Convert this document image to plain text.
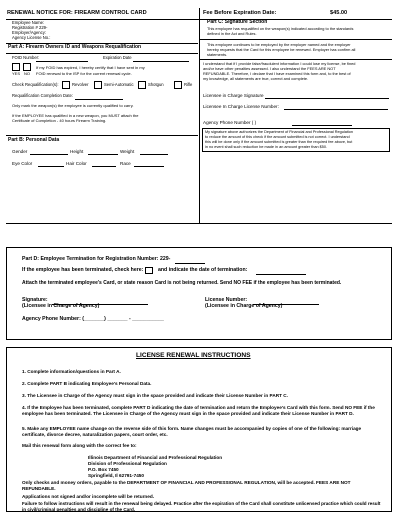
RENEWAL NOTICE FOR: FIREARM CONTROL CARD	Fee Before Expiration Date:	$45.00
Employee Name:
Registration # 229-
Employer/Agency:
Agency License No.:
Part A: Firearm Owners ID and Weapons Requalification
FOID Number:	Expiration Date
If my FOID has expired, I hereby certify that I have sent in my
YES NO FOID renewal to the ISP for the current renewal cycle.
Check Requalification(s):	Revolver	Semi-Automatic	Shotgun	Rifle
Requalification Completion Date:
Only mark the weapon(s) the employee is currently qualified to carry.
If the EMPLOYEE has qualified in a new weapon, you MUST attach the
Certificate of Completion - 40 hours Firearm Training.
Part B: Personal Data
Gender	Height	Weight
Eye Color	Hair Color	Race
Part C: Signature Section
This employee has requalified on the weapon(s) indicated according to the standards
defined in the Act and Rules.
This employee continues to be employed by the employer named and the employer
hereby requests that the Card for this employee be renewed. Employer has confirm all
statements.
I understand that if I provide false/fraudulent information I could lose my license, be fined
and/or have other penalties assessed. I also understand the FEES ARE NOT
REFUNDABLE. Therefore, I declare that I have examined this form and, to the best of
my knowledge, all statements are true, correct and complete.
Licensee in Charge Signature
Licensee In Charge License Number:
Agency Phone Number ( )
My signature above authorizes the Department of Financial and Professional Regulation
to reduce the amount of this check if the amount submitted is not correct. I understand
this will be done only if the amount submitted is greater than the required fee above, but
in no event shall such reduction be made in an amount greater than $50.
Part D: Employee Termination for Registration Number: 229-
If the employee has been terminated, check here:	and indicate the date of termination:
Attach the terminated employee's Card, or state reason Card is not being returned. Send NO FEE if the employee has been terminated.
Signature:
(Licensee in Charge of Agency)
License Number:
(Licensee in Charge of Agency)
Agency Phone Number: (_______) _______ - ___________
LICENSE RENEWAL INSTRUCTIONS
1. Complete information/questions in Part A.
2. Complete PART B indicating Employee's Personal Data.
3. The Licensee in Charge of the Agency must sign in the space provided and indicate their License Number in PART C.
4. If the Employee has been terminated, complete PART D indicating the date of termination and return the Employee's Card with this form. Send NO FEE if the employee has been terminated. The Licensee in Charge of the Agency must sign in the space provided and indicate their License Number in PART D.
5. Make any EMPLOYEE name change on the reverse side of this form. Name changes must be accompanied by copies of one of the following: marriage certificate, divorce decree, naturalization papers, court order, etc.
Mail this renewal form along with the correct fee to:
Illinois Department of Financial and Professional Regulation
Division of Professional Regulation
P.O. Box 7450
Springfield, Il 62791-7450
Only checks and money orders, payable to the DEPARTMENT OF FINANCIAL AND PROFESSIONAL REGULATION, will be accepted. FEES ARE NOT REFUNDABLE.
Applications not signed and/or incomplete will be returned.
Failure to follow instructions will result in the renewal being delayed. Practice after the expiration of the Card shall constitute unlicensed practice which could result in civil/criminal penalties and discipline of the Card.
